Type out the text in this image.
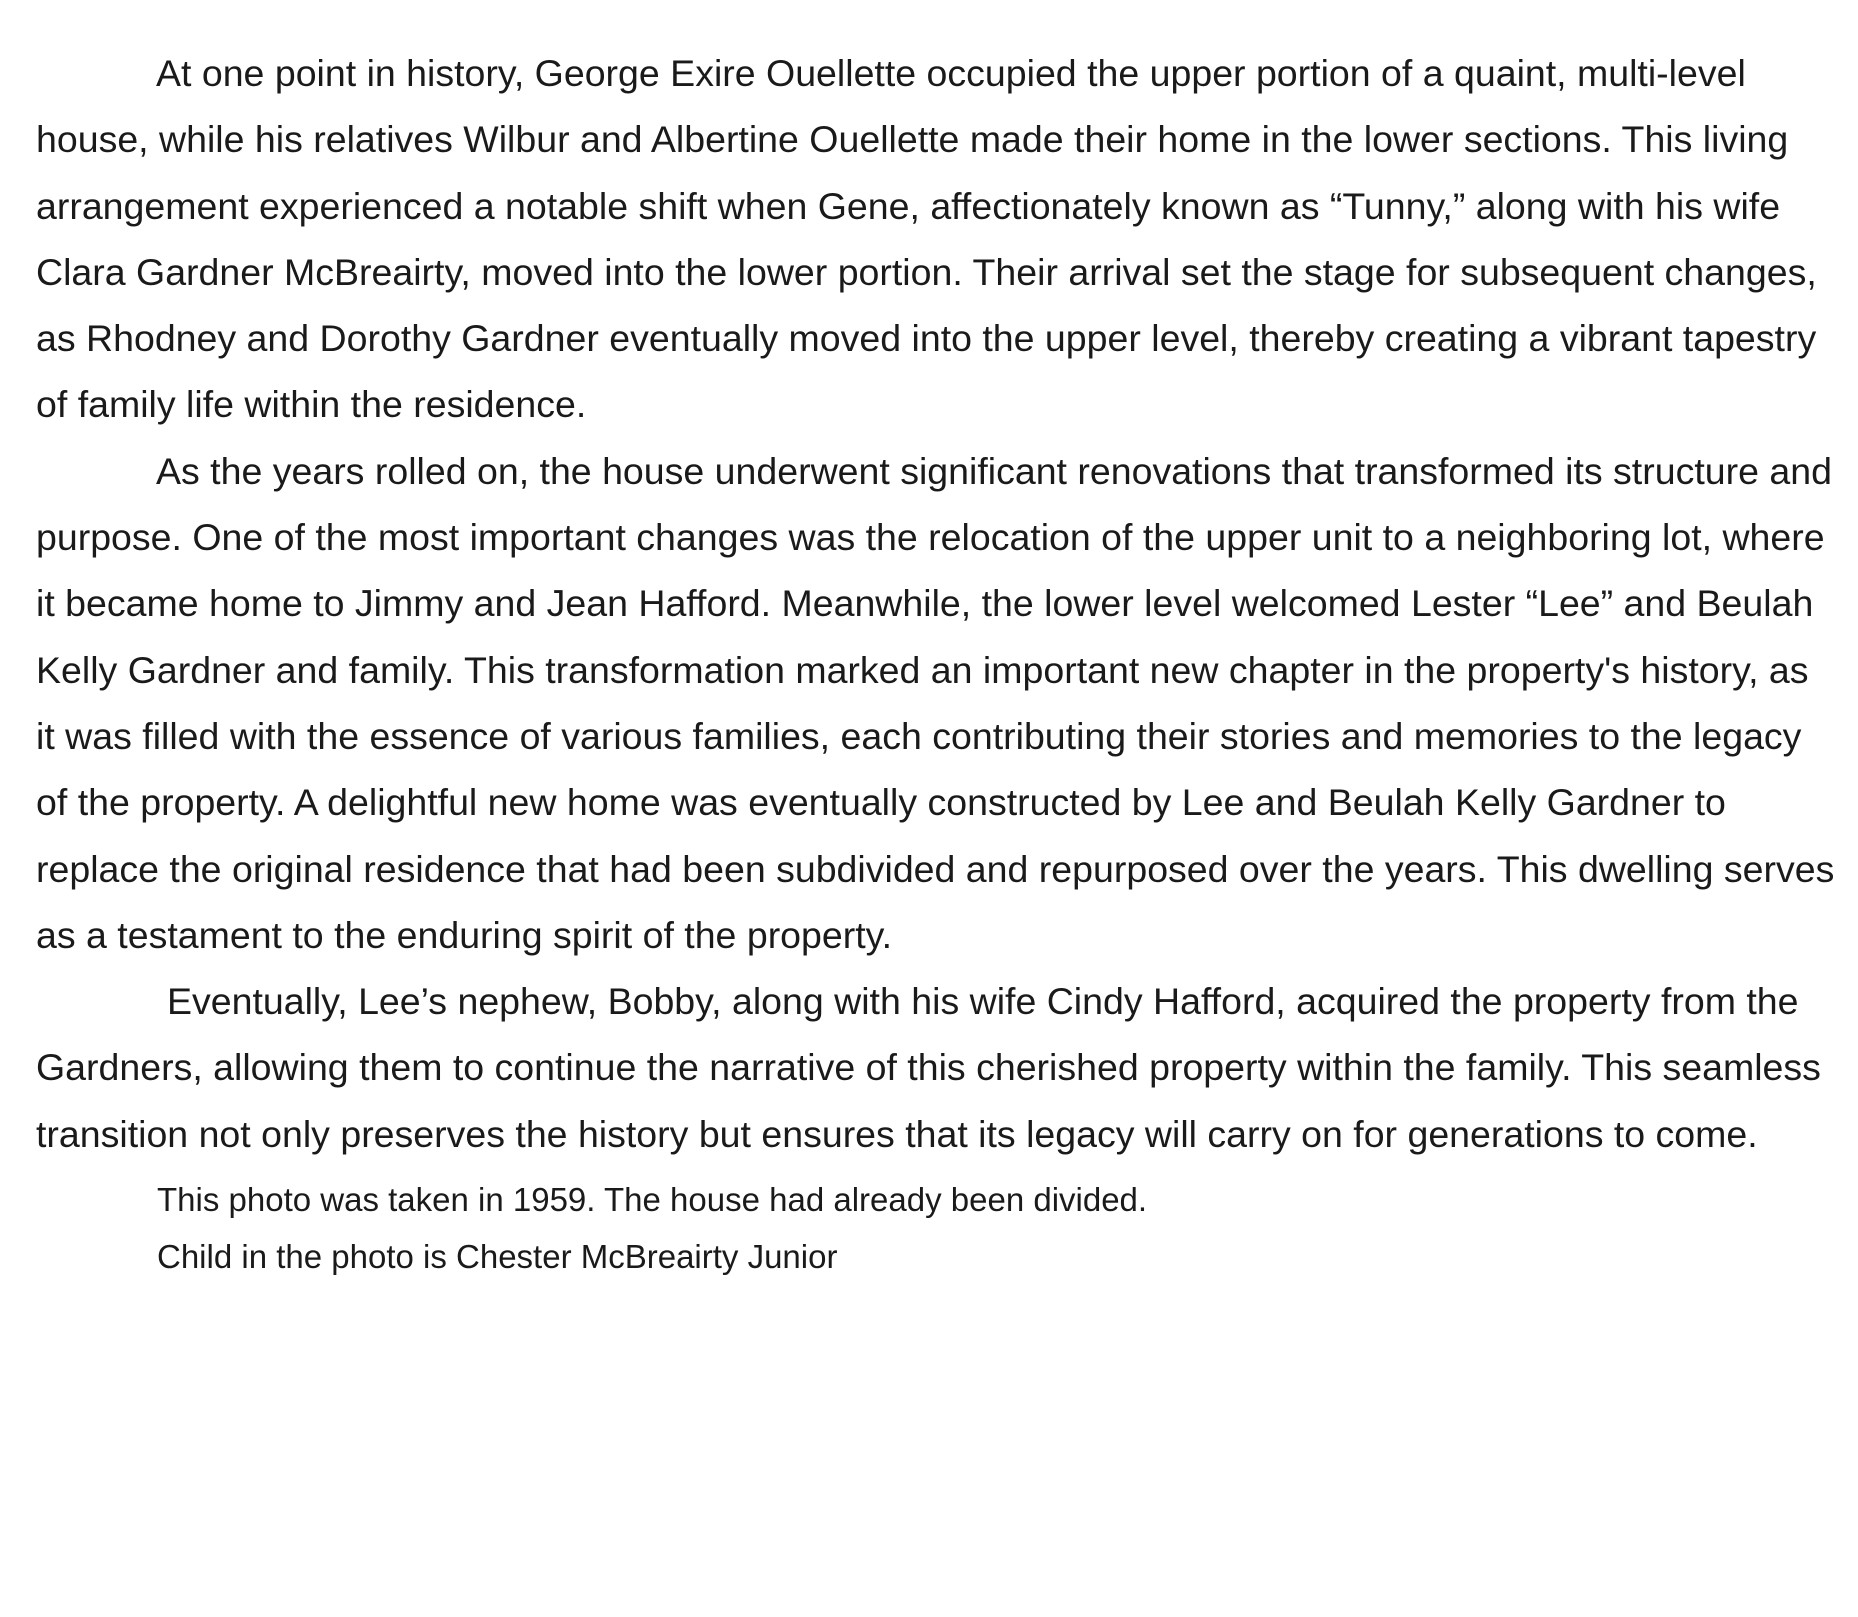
At one point in history, George Exire Ouellette occupied the upper portion of a quaint, multi-level house, while his relatives Wilbur and Albertine Ouellette made their home in the lower sections. This living arrangement experienced a notable shift when Gene, affectionately known as “Tunny,” along with his wife Clara Gardner McBreairty, moved into the lower portion. Their arrival set the stage for subsequent changes, as Rhodney and Dorothy Gardner eventually moved into the upper level, thereby creating a vibrant tapestry of family life within the residence.

As the years rolled on, the house underwent significant renovations that transformed its structure and purpose. One of the most important changes was the relocation of the upper unit to a neighboring lot, where it became home to Jimmy and Jean Hafford. Meanwhile, the lower level welcomed Lester “Lee” and Beulah Kelly Gardner and family. This transformation marked an important new chapter in the property's history, as it was filled with the essence of various families, each contributing their stories and memories to the legacy of the property. A delightful new home was eventually constructed by Lee and Beulah Kelly Gardner to replace the original residence that had been subdivided and repurposed over the years. This dwelling serves as a testament to the enduring spirit of the property.

Eventually, Lee’s nephew, Bobby, along with his wife Cindy Hafford, acquired the property from the Gardners, allowing them to continue the narrative of this cherished property within the family. This seamless transition not only preserves the history but ensures that its legacy will carry on for generations to come.

This photo was taken in 1959. The house had already been divided.
Child in the photo is Chester McBreairty Junior
